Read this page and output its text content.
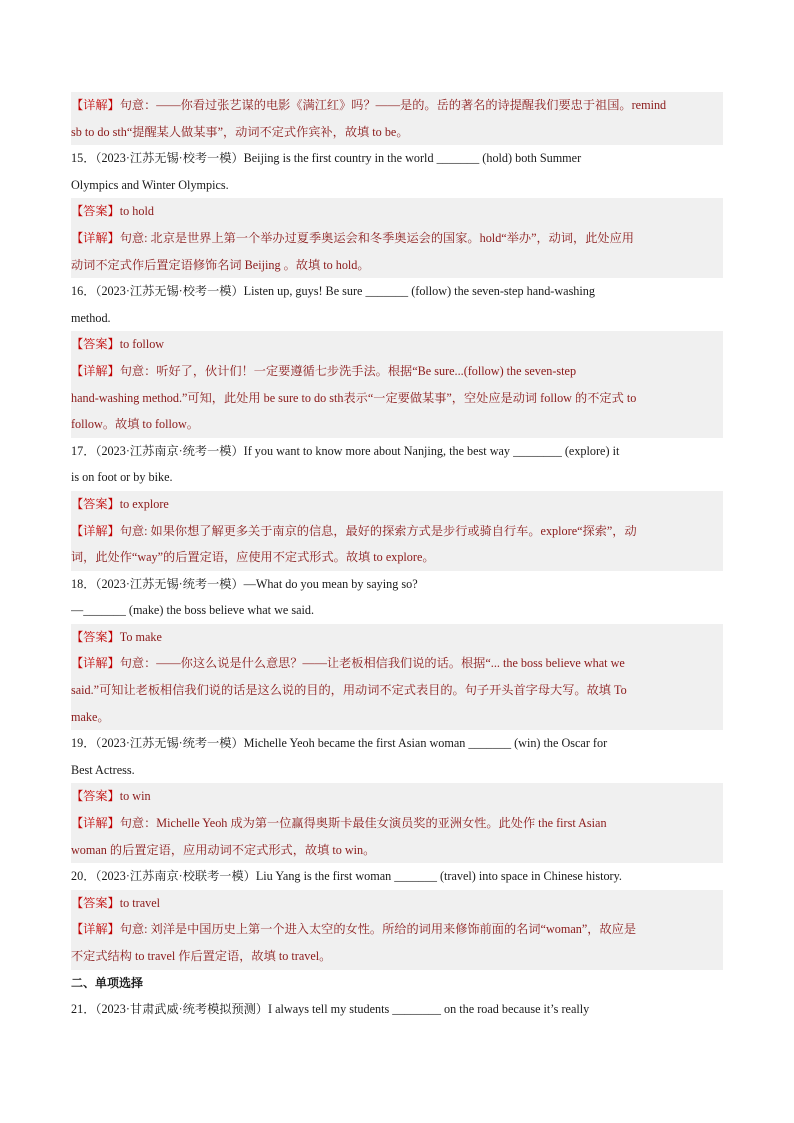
【详解】句意：——你看过张艺谋的电影《满江红》吗？——是的。岳的著名的诗提醒我们要忠于祖国。remind
sb to do sth“提醒某人做某事”，动词不定式作宾补，故填 to be。
15．（2023·江苏无锡·校考一模）Beijing is the first country in the world _______ (hold) both Summer
Olympics and Winter Olympics.
【答案】to hold
【详解】句意: 北京是世界上第一个举办过夏季奥运会和冬季奥运会的国家。hold“举办”，动词，此处应用
动词不定式作后置定语修饰名词 Beijing 。故填 to hold。
16．（2023·江苏无锡·校考一模）Listen up, guys! Be sure _______ (follow) the seven-step hand-washing
method.
【答案】to follow
【详解】句意：听好了，伙计们！一定要遵循七步洗手法。根据“Be sure...(follow) the seven-step
hand-washing method.”可知，此处用 be sure to do sth表示“一定要做某事”，空处应是动词 follow 的不定式 to
follow。故填 to follow。
17．（2023·江苏南京·统考一模）If you want to know more about Nanjing, the best way ________ (explore) it
is on foot or by bike.
【答案】to explore
【详解】句意: 如果你想了解更多关于南京的信息，最好的探索方式是步行或骑自行车。explore“探索”，动
词，此处作“way”的后置定语，应使用不定式形式。故填 to explore。
18．（2023·江苏无锡·统考一模）—What do you mean by saying so?
—_______ (make) the boss believe what we said.
【答案】To make
【详解】句意：——你这么说是什么意思？——让老板相信我们说的话。根据“... the boss believe what we
said.”可知让老板相信我们说的话是这么说的目的，用动词不定式表目的。句子开头首字母大写。故填 To
make。
19．（2023·江苏无锡·统考一模）Michelle Yeoh became the first Asian woman _______ (win) the Oscar for
Best Actress.
【答案】to win
【详解】句意：Michelle Yeoh 成为第一位赢得奥斯卡最佳女演员奖的亚洲女性。此处作 the first Asian
woman 的后置定语，应用动词不定式形式，故填 to win。
20．（2023·江苏南京·校联考一模）Liu Yang is the first woman _______ (travel) into space in Chinese history.
【答案】to travel
【详解】句意: 刘洋是中国历史上第一个进入太空的女性。所给的词用来修饰前面的名词“woman”，故应是
不定式结构 to travel 作后置定语，故填 to travel。
二、单项选择
21．（2023·甘肃武威·统考模拟预测）I always tell my students ________ on the road because it’s really
